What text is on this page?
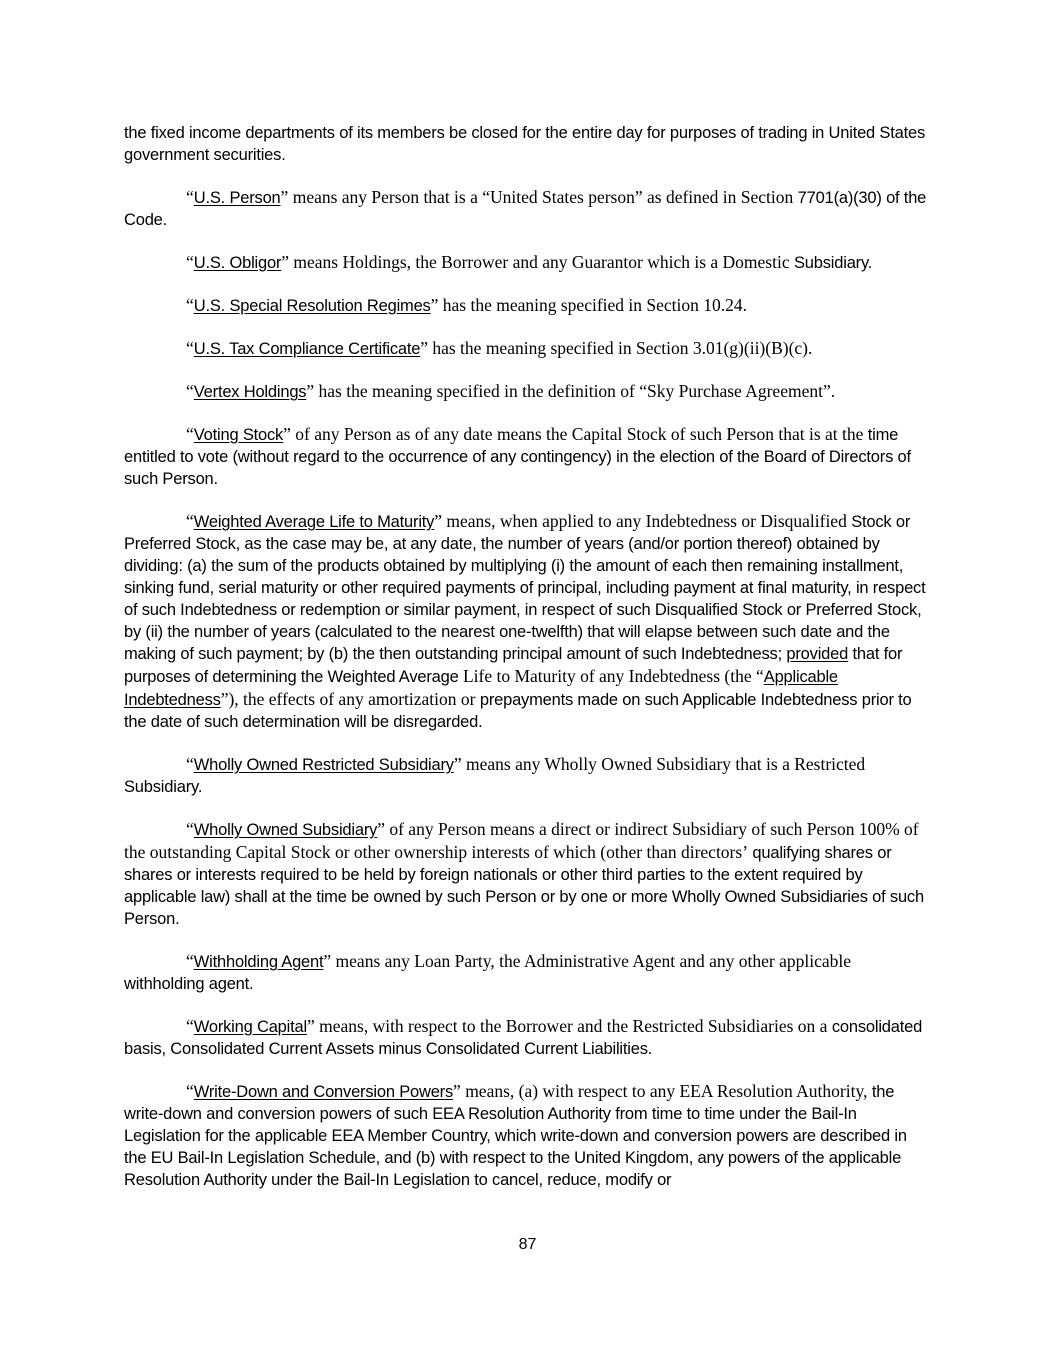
the fixed income departments of its members be closed for the entire day for purposes of trading in United States government securities.

“U.S. Person” means any Person that is a “United States person” as defined in Section 7701(a)(30) of the Code.

“U.S. Obligor” means Holdings, the Borrower and any Guarantor which is a Domestic Subsidiary.

“U.S. Special Resolution Regimes” has the meaning specified in Section 10.24.

“U.S. Tax Compliance Certificate” has the meaning specified in Section 3.01(g)(ii)(B)(c).

“Vertex Holdings” has the meaning specified in the definition of “Sky Purchase Agreement”.

“Voting Stock” of any Person as of any date means the Capital Stock of such Person that is at the time entitled to vote (without regard to the occurrence of any contingency) in the election of the Board of Directors of such Person.

“Weighted Average Life to Maturity” means, when applied to any Indebtedness or Disqualified Stock or Preferred Stock, as the case may be, at any date, the number of years (and/or portion thereof) obtained by dividing: (a) the sum of the products obtained by multiplying (i) the amount of each then remaining installment, sinking fund, serial maturity or other required payments of principal, including payment at final maturity, in respect of such Indebtedness or redemption or similar payment, in respect of such Disqualified Stock or Preferred Stock, by (ii) the number of years (calculated to the nearest one-twelfth) that will elapse between such date and the making of such payment; by (b) the then outstanding principal amount of such Indebtedness; provided that for purposes of determining the Weighted Average Life to Maturity of any Indebtedness (the “Applicable Indebtedness”), the effects of any amortization or prepayments made on such Applicable Indebtedness prior to the date of such determination will be disregarded.

“Wholly Owned Restricted Subsidiary” means any Wholly Owned Subsidiary that is a Restricted Subsidiary.

“Wholly Owned Subsidiary” of any Person means a direct or indirect Subsidiary of such Person 100% of the outstanding Capital Stock or other ownership interests of which (other than directors’ qualifying shares or shares or interests required to be held by foreign nationals or other third parties to the extent required by applicable law) shall at the time be owned by such Person or by one or more Wholly Owned Subsidiaries of such Person.

“Withholding Agent” means any Loan Party, the Administrative Agent and any other applicable withholding agent.

“Working Capital” means, with respect to the Borrower and the Restricted Subsidiaries on a consolidated basis, Consolidated Current Assets minus Consolidated Current Liabilities.

“Write-Down and Conversion Powers” means, (a) with respect to any EEA Resolution Authority, the write-down and conversion powers of such EEA Resolution Authority from time to time under the Bail-In Legislation for the applicable EEA Member Country, which write-down and conversion powers are described in the EU Bail-In Legislation Schedule, and (b) with respect to the United Kingdom, any powers of the applicable Resolution Authority under the Bail-In Legislation to cancel, reduce, modify or

87
